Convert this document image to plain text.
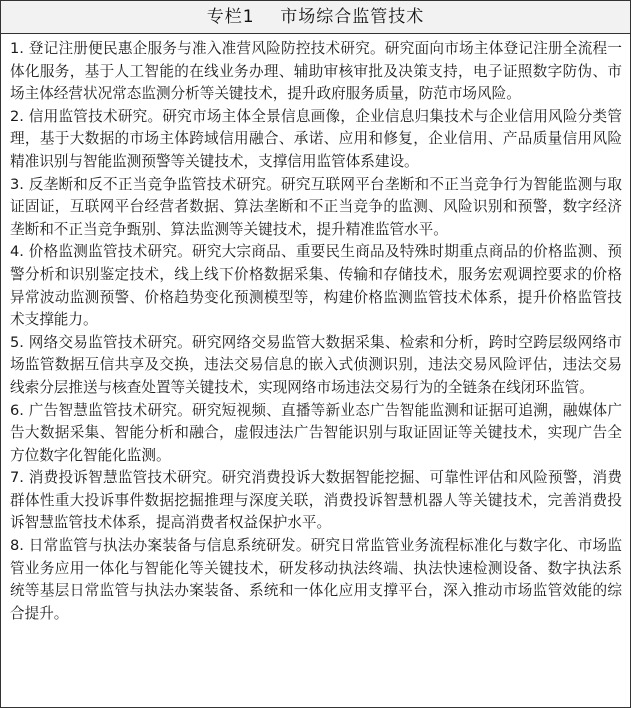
专栏1    市场综合监管技术

1. 登记注册便民惠企服务与准入准营风险防控技术研究。研究面向市场主体登记注册全流程一体化服务，基于人工智能的在线业务办理、辅助审核审批及决策支持，电子证照数字防伪、市场主体经营状况常态监测分析等关键技术，提升政府服务质量，防范市场风险。

2. 信用监管技术研究。研究市场主体全景信息画像，企业信息归集技术与企业信用风险分类管理，基于大数据的市场主体跨域信用融合、承诺、应用和修复，企业信用、产品质量信用风险精准识别与智能监测预警等关键技术，支撑信用监管体系建设。

3. 反垄断和反不正当竞争监管技术研究。研究互联网平台垄断和不正当竞争行为智能监测与取证固证，互联网平台经营者数据、算法垄断和不正当竞争的监测、风险识别和预警，数字经济垄断和不正当竞争甄别、算法监测等关键技术，提升精准监管水平。

4. 价格监测监管技术研究。研究大宗商品、重要民生商品及特殊时期重点商品的价格监测、预警分析和识别鉴定技术，线上线下价格数据采集、传输和存储技术，服务宏观调控要求的价格异常波动监测预警、价格趋势变化预测模型等，构建价格监测监管技术体系，提升价格监管技术支撑能力。

5. 网络交易监管技术研究。研究网络交易监管大数据采集、检索和分析，跨时空跨层级网络市场监管数据互信共享及交换，违法交易信息的嵌入式侦测识别，违法交易风险评估，违法交易线索分层推送与核查处置等关键技术，实现网络市场违法交易行为的全链条在线闭环监管。

6. 广告智慧监管技术研究。研究短视频、直播等新业态广告智能监测和证据可追溯，融媒体广告大数据采集、智能分析和融合，虚假违法广告智能识别与取证固证等关键技术，实现广告全方位数字化智能化监测。

7. 消费投诉智慧监管技术研究。研究消费投诉大数据智能挖掘、可靠性评估和风险预警，消费群体性重大投诉事件数据挖掘推理与深度关联，消费投诉智慧机器人等关键技术，完善消费投诉智慧监管技术体系，提高消费者权益保护水平。

8. 日常监管与执法办案装备与信息系统研发。研究日常监管业务流程标准化与数字化、市场监管业务应用一体化与智能化等关键技术，研发移动执法终端、执法快速检测设备、数字执法系统等基层日常监管与执法办案装备、系统和一体化应用支撑平台，深入推动市场监管效能的综合提升。
